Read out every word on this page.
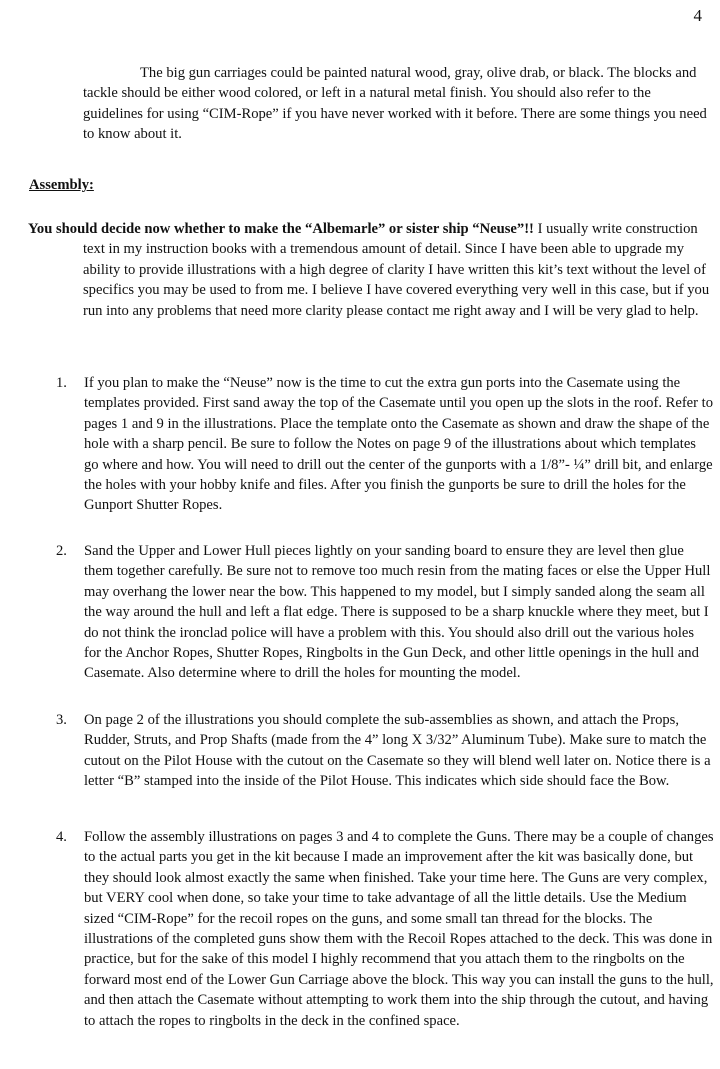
4

The big gun carriages could be painted natural wood, gray, olive drab, or black. The blocks and tackle should be either wood colored, or left in a natural metal finish. You should also refer to the guidelines for using “CIM-Rope” if you have never worked with it before. There are some things you need to know about it.

Assembly:

You should decide now whether to make the “Albemarle” or sister ship “Neuse”!! I usually write construction text in my instruction books with a tremendous amount of detail. Since I have been able to upgrade my ability to provide illustrations with a high degree of clarity I have written this kit’s text without the level of specifics you may be used to from me. I believe I have covered everything very well in this case, but if you run into any problems that need more clarity please contact me right away and I will be very glad to help.

1.	If you plan to make the “Neuse” now is the time to cut the extra gun ports into the Casemate using the templates provided. First sand away the top of the Casemate until you open up the slots in the roof. Refer to pages 1 and 9 in the illustrations. Place the template onto the Casemate as shown and draw the shape of the hole with a sharp pencil. Be sure to follow the Notes on page 9 of the illustrations about which templates go where and how. You will need to drill out the center of the gunports with a 1/8”- ¼” drill bit, and enlarge the holes with your hobby knife and files. After you finish the gunports be sure to drill the holes for the Gunport Shutter Ropes.

2.	Sand the Upper and Lower Hull pieces lightly on your sanding board to ensure they are level then glue them together carefully. Be sure not to remove too much resin from the mating faces or else the Upper Hull may overhang the lower near the bow. This happened to my model, but I simply sanded along the seam all the way around the hull and left a flat edge. There is supposed to be a sharp knuckle where they meet, but I do not think the ironclad police will have a problem with this. You should also drill out the various holes for the Anchor Ropes, Shutter Ropes, Ringbolts in the Gun Deck, and other little openings in the hull and Casemate. Also determine where to drill the holes for mounting the model.

3.	On page 2 of the illustrations you should complete the sub-assemblies as shown, and attach the Props, Rudder, Struts, and Prop Shafts (made from the 4” long X 3/32” Aluminum Tube). Make sure to match the cutout on the Pilot House with the cutout on the Casemate so they will blend well later on. Notice there is a letter “B” stamped into the inside of the Pilot House. This indicates which side should face the Bow.

4.	Follow the assembly illustrations on pages 3 and 4 to complete the Guns. There may be a couple of changes to the actual parts you get in the kit because I made an improvement after the kit was basically done, but they should look almost exactly the same when finished. Take your time here. The Guns are very complex, but VERY cool when done, so take your time to take advantage of all the little details. Use the Medium sized “CIM-Rope” for the recoil ropes on the guns, and some small tan thread for the blocks. The illustrations of the completed guns show them with the Recoil Ropes attached to the deck. This was done in practice, but for the sake of this model I highly recommend that you attach them to the ringbolts on the forward most end of the Lower Gun Carriage above the block. This way you can install the guns to the hull, and then attach the Casemate without attempting to work them into the ship through the cutout, and having to attach the ropes to ringbolts in the deck in the confined space.
